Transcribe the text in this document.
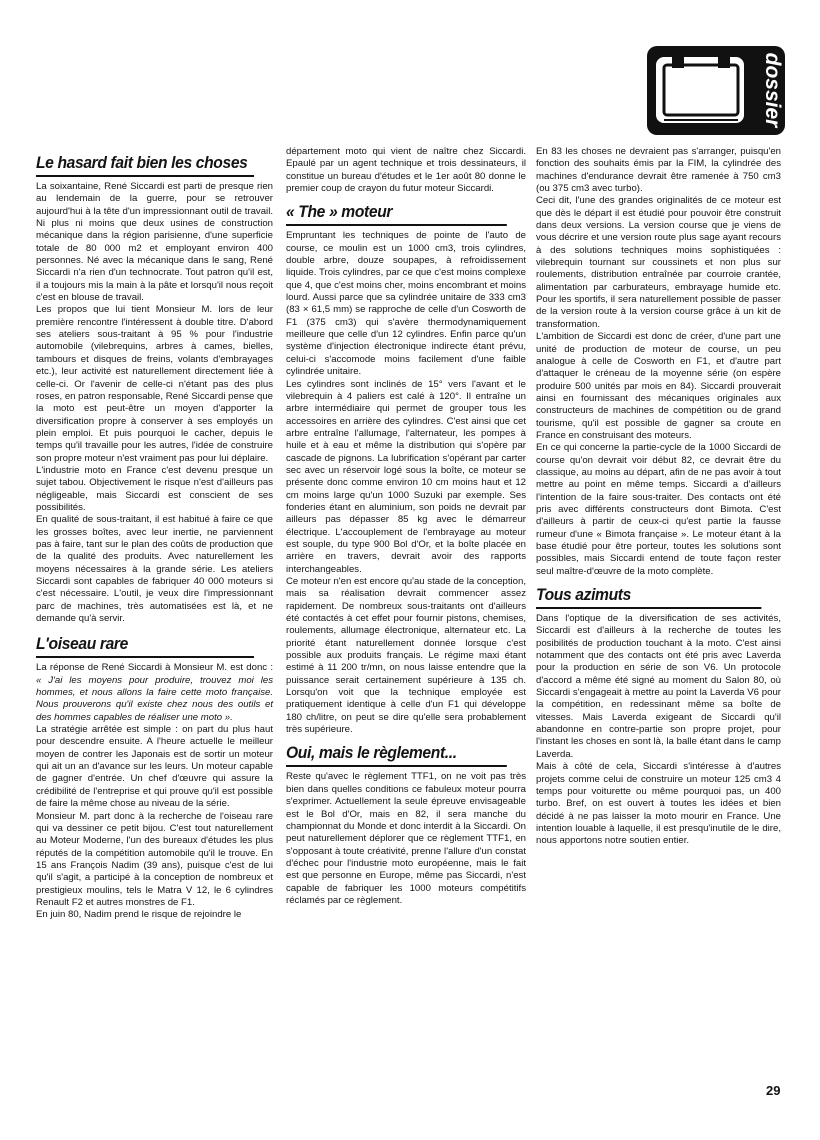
dossier
Le hasard fait bien les choses

La soixantaine, René Siccardi est parti de presque rien au lendemain de la guerre, pour se retrouver aujourd'hui à la tête d'un impressionnant outil de travail. Ni plus ni moins que deux usines de construction mécanique dans la région parisienne, d'une superficie totale de 80 000 m2 et employant environ 400 personnes. Né avec la mécanique dans le sang, René Siccardi n'a rien d'un technocrate. Tout patron qu'il est, il a toujours mis la main à la pâte et lorsqu'il nous reçoit c'est en blouse de travail.

Les propos que lui tient Monsieur M. lors de leur première rencontre l'intéressent à double titre. D'abord ses ateliers sous-traitant à 95 % pour l'industrie automobile (vilebrequins, arbres à cames, bielles, tambours et disques de freins, volants d'embrayages etc.), leur activité est naturellement directement liée à celle-ci. Or l'avenir de celle-ci n'étant pas des plus roses, en patron responsable, René Siccardi pense que la moto est peut-être un moyen d'apporter la diversification propre à conserver à ses employés un plein emploi. Et puis pourquoi le cacher, depuis le temps qu'il travaille pour les autres, l'idée de construire son propre moteur n'est vraiment pas pour lui déplaire.

L'industrie moto en France c'est devenu presque un sujet tabou. Objectivement le risque n'est d'ailleurs pas négligeable, mais Siccardi est conscient de ses possibilités.

En qualité de sous-traitant, il est habitué à faire ce que les grosses boîtes, avec leur inertie, ne parviennent pas à faire, tant sur le plan des coûts de production que de la qualité des produits. Avec naturellement les moyens nécessaires à la grande série. Les ateliers Siccardi sont capables de fabriquer 40 000 moteurs si c'est nécessaire. L'outil, je veux dire l'impressionnant parc de machines, très automatisées est là, et ne demande qu'à servir.

L'oiseau rare

La réponse de René Siccardi à Monsieur M. est donc : « J'ai les moyens pour produire, trouvez moi les hommes, et nous allons la faire cette moto française. Nous prouverons qu'il existe chez nous des outils et des hommes capables de réaliser une moto ».

La stratégie arrêtée est simple : on part du plus haut pour descendre ensuite. A l'heure actuelle le meilleur moyen de contrer les Japonais est de sortir un moteur qui ait un an d'avance sur les leurs. Un moteur capable de gagner d'entrée. Un chef d'œuvre qui assure la crédibilité de l'entreprise et qui prouve qu'il est possible de faire la même chose au niveau de la série.

Monsieur M. part donc à la recherche de l'oiseau rare qui va dessiner ce petit bijou. C'est tout naturellement au Moteur Moderne, l'un des bureaux d'études les plus réputés de la compétition automobile qu'il le trouve. En 15 ans François Nadim (39 ans), puisque c'est de lui qu'il s'agit, a participé à la conception de nombreux et prestigieux moulins, tels le Matra V 12, le 6 cylindres Renault F2 et autres monstres de F1.

En juin 80, Nadim prend le risque de rejoindre le

département moto qui vient de naître chez Siccardi. Epaulé par un agent technique et trois dessinateurs, il constitue un bureau d'études et le 1er août 80 donne le premier coup de crayon du futur moteur Siccardi.

« The » moteur

Empruntant les techniques de pointe de l'auto de course, ce moulin est un 1000 cm3, trois cylindres, double arbre, douze soupapes, à refroidissement liquide. Trois cylindres, par ce que c'est moins complexe que 4, que c'est moins cher, moins encombrant et moins lourd. Aussi parce que sa cylindrée unitaire de 333 cm3 (83 × 61,5 mm) se rapproche de celle d'un Cosworth de F1 (375 cm3) qui s'avère thermodynamiquement meilleure que celle d'un 12 cylindres. Enfin parce qu'un système d'injection électronique indirecte étant prévu, celui-ci s'accomode moins facilement d'une faible cylindrée unitaire.

Les cylindres sont inclinés de 15° vers l'avant et le vilebrequin à 4 paliers est calé à 120°. Il entraîne un arbre intermédiaire qui permet de grouper tous les accessoires en arrière des cylindres. C'est ainsi que cet arbre entraîne l'allumage, l'alternateur, les pompes à huile et à eau et même la distribution qui s'opère par cascade de pignons. La lubrification s'opérant par carter sec avec un réservoir logé sous la boîte, ce moteur se présente donc comme environ 10 cm moins haut et 12 cm moins large qu'un 1000 Suzuki par exemple. Ses fonderies étant en aluminium, son poids ne devrait par ailleurs pas dépasser 85 kg avec le démarreur électrique. L'accouplement de l'embrayage au moteur est souple, du type 900 Bol d'Or, et la boîte placée en arrière en travers, devrait avoir des rapports interchangeables.

Ce moteur n'en est encore qu'au stade de la conception, mais sa réalisation devrait commencer assez rapidement. De nombreux sous-traitants ont d'ailleurs été contactés à cet effet pour fournir pistons, chemises, roulements, allumage électronique, alternateur etc. La priorité étant naturellement donnée lorsque c'est possible aux produits français. Le régime maxi étant estimé à 11 200 tr/mn, on nous laisse entendre que la puissance serait certainement supérieure à 135 ch. Lorsqu'on voit que la technique employée est pratiquement identique à celle d'un F1 qui développe 180 ch/litre, on peut se dire qu'elle sera probablement très supérieure.

Oui, mais le règlement...

Reste qu'avec le règlement TTF1, on ne voit pas très bien dans quelles conditions ce fabuleux moteur pourra s'exprimer. Actuellement la seule épreuve envisageable est le Bol d'Or, mais en 82, il sera manche du championnat du Monde et donc interdit à la Siccardi. On peut naturellement déplorer que ce règlement TTF1, en s'opposant à toute créativité, prenne l'allure d'un constat d'échec pour l'industrie moto européenne, mais le fait est que personne en Europe, même pas Siccardi, n'est capable de fabriquer les 1000 moteurs compétitifs réclamés par ce règlement.

En 83 les choses ne devraient pas s'arranger, puisqu'en fonction des souhaits émis par la FIM, la cylindrée des machines d'endurance devrait être ramenée à 750 cm3 (ou 375 cm3 avec turbo).

Ceci dit, l'une des grandes originalités de ce moteur est que dès le départ il est étudié pour pouvoir être construit dans deux versions. La version course que je viens de vous décrire et une version route plus sage ayant recours à des solutions techniques moins sophistiquées : vilebrequin tournant sur coussinets et non plus sur roulements, distribution entraînée par courroie crantée, alimentation par carburateurs, embrayage humide etc. Pour les sportifs, il sera naturellement possible de passer de la version route à la version course grâce à un kit de transformation.

L'ambition de Siccardi est donc de créer, d'une part une unité de production de moteur de course, un peu analogue à celle de Cosworth en F1, et d'autre part d'attaquer le créneau de la moyenne série (on espère produire 500 unités par mois en 84). Siccardi prouverait ainsi en fournissant des mécaniques originales aux constructeurs de machines de compétition ou de grand tourisme, qu'il est possible de gagner sa croute en France en construisant des moteurs.

En ce qui concerne la partie-cycle de la 1000 Siccardi de course qu'on devrait voir début 82, ce devrait être du classique, au moins au départ, afin de ne pas avoir à tout mettre au point en même temps. Siccardi a d'ailleurs l'intention de la faire sous-traiter. Des contacts ont été pris avec différents constructeurs dont Bimota. C'est d'ailleurs à partir de ceux-ci qu'est partie la fausse rumeur d'une « Bimota française ». Le moteur étant à la base étudié pour être porteur, toutes les solutions sont possibles, mais Siccardi entend de toute façon rester seul maître-d'œuvre de la moto complète.

Tous azimuts

Dans l'optique de la diversification de ses activités, Siccardi est d'ailleurs à la recherche de toutes les posibilités de production touchant à la moto. C'est ainsi notamment que des contacts ont été pris avec Laverda pour la production en série de son V6. Un protocole d'accord a même été signé au moment du Salon 80, où Siccardi s'engageait à mettre au point la Laverda V6 pour la compétition, en redessinant même sa boîte de vitesses. Mais Laverda exigeant de Siccardi qu'il abandonne en contre-partie son propre projet, pour l'instant les choses en sont là, la balle étant dans le camp Laverda.

Mais à côté de cela, Siccardi s'intéresse à d'autres projets comme celui de construire un moteur 125 cm3 4 temps pour voiturette ou même pourquoi pas, un 400 turbo. Bref, on est ouvert à toutes les idées et bien décidé à ne pas laisser la moto mourir en France. Une intention louable à laquelle, il est presqu'inutile de le dire, nous apportons notre soutien entier.

29
